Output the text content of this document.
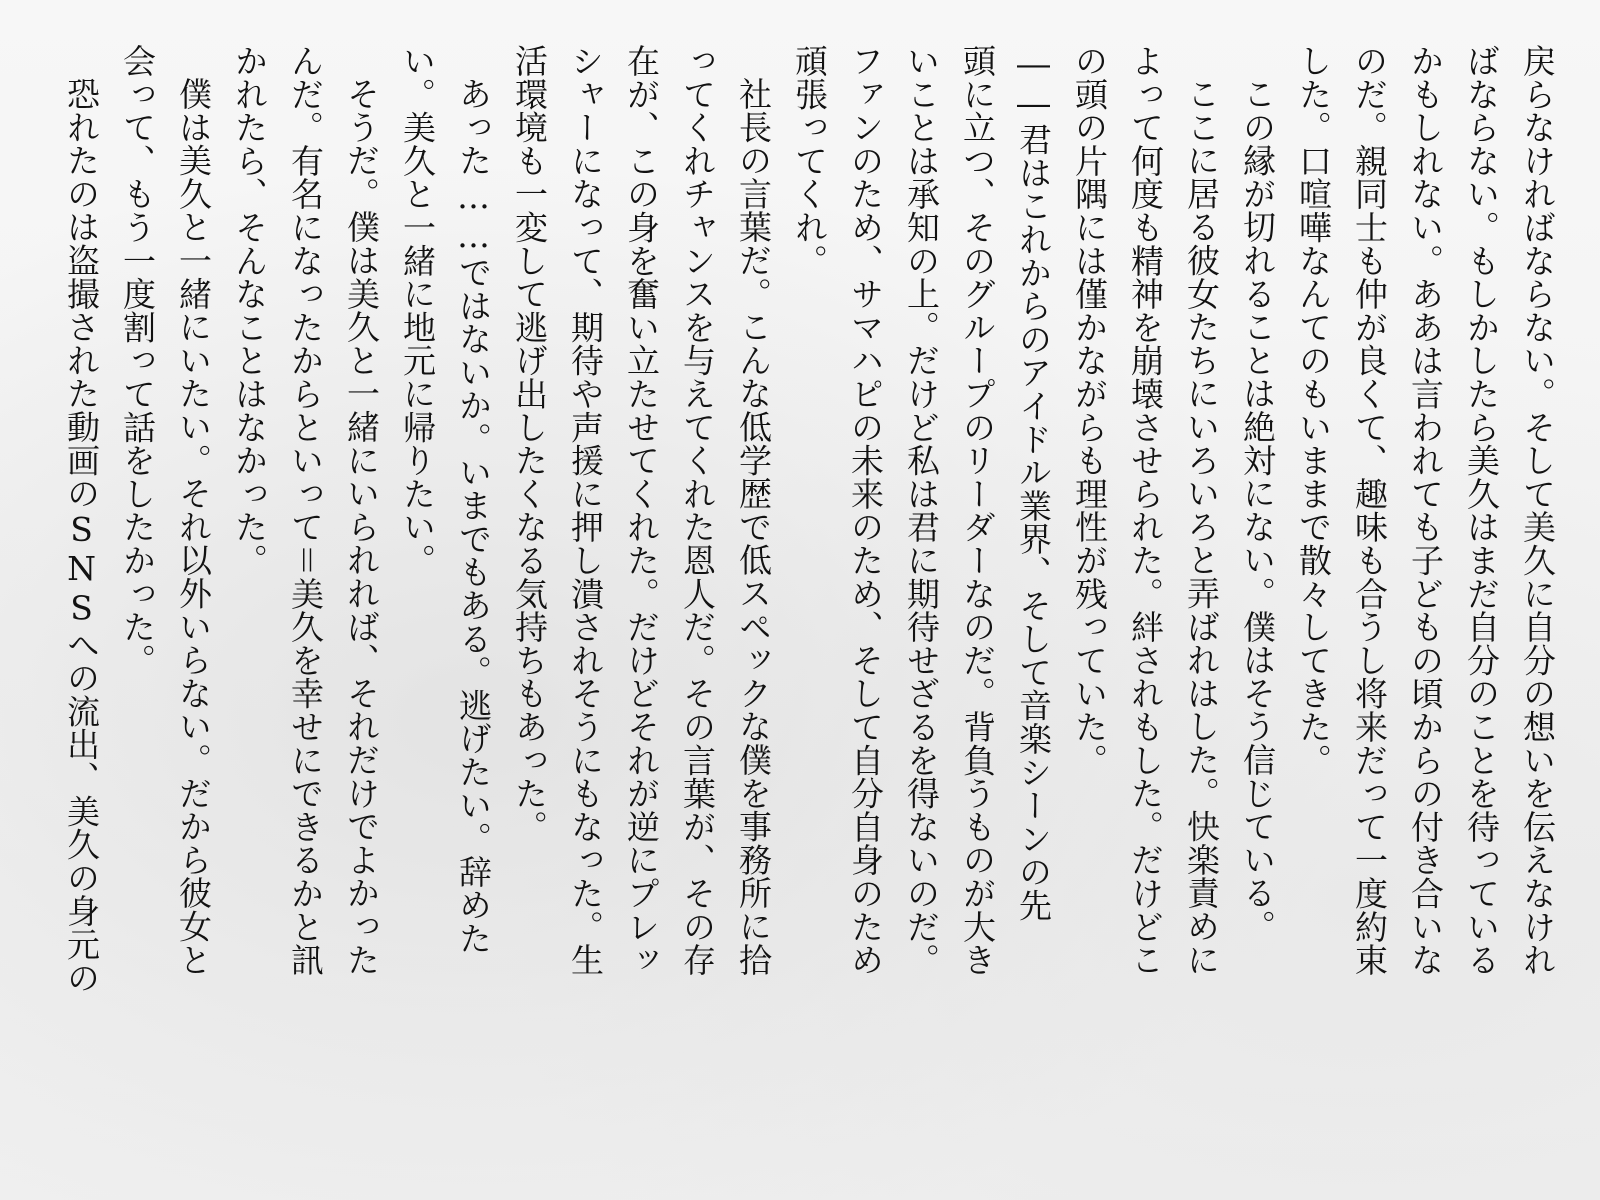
戻らなければならない。そして美久に自分の想いを伝えなけれ
ばならない。もしかしたら美久はまだ自分のことを待っている
かもしれない。ああは言われても子どもの頃からの付き合いな
のだ。親同士も仲が良くて、趣味も合うし将来だって一度約束
した。口喧嘩なんてのもいままで散々してきた。
この縁が切れることは絶対にない。僕はそう信じている。
ここに居る彼女たちにいろいろと弄ばれはした。快楽責めに
よって何度も精神を崩壊させられた。絆されもした。だけどこ
の頭の片隅には僅かながらも理性が残っていた。
――君はこれからのアイドル業界、そして音楽シーンの先
頭に立つ、そのグループのリーダーなのだ。背負うものが大き
いことは承知の上。だけど私は君に期待せざるを得ないのだ。
ファンのため、サマハピの未来のため、そして自分自身のため
頑張ってくれ。
社長の言葉だ。こんな低学歴で低スペックな僕を事務所に拾
ってくれチャンスを与えてくれた恩人だ。その言葉が、その存
在が、この身を奮い立たせてくれた。だけどそれが逆にプレッ
シャーになって、期待や声援に押し潰されそうにもなった。生
活環境も一変して逃げ出したくなる気持ちもあった。
あった……ではないか。いまでもある。逃げたい。辞めた
い。美久と一緒に地元に帰りたい。
そうだ。僕は美久と一緒にいられれば、それだけでよかった
んだ。有名になったからといって＝美久を幸せにできるかと訊
かれたら、そんなことはなかった。
僕は美久と一緒にいたい。それ以外いらない。だから彼女と
会って、もう一度割って話をしたかった。
恐れたのは盗撮された動画のSNSへの流出、美久の身元の
